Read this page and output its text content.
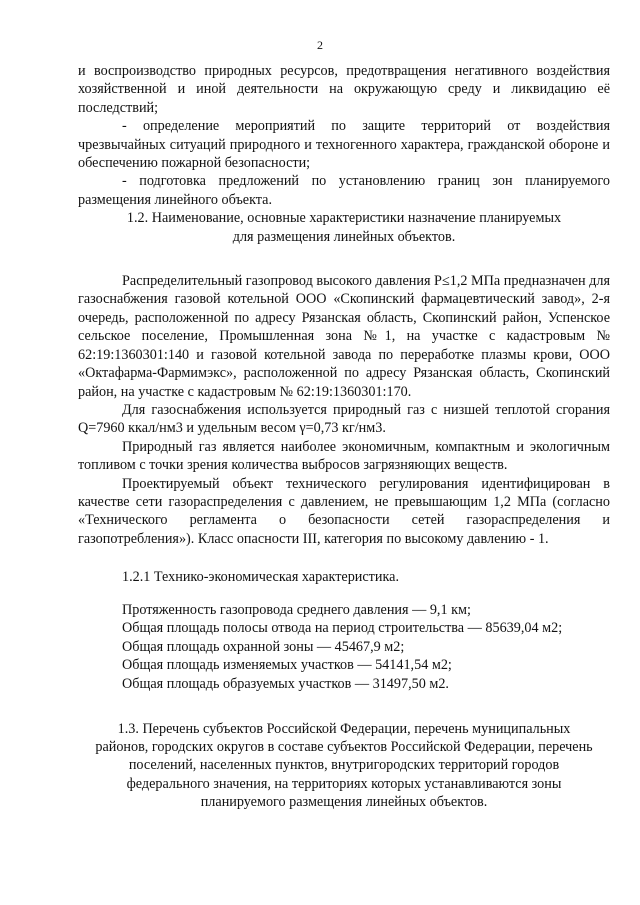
2

и воспроизводство природных ресурсов, предотвращения негативного воздействия хозяйственной и иной деятельности на окружающую среду и ликвидацию её последствий;

- определение мероприятий по защите территорий от воздействия чрезвычайных ситуаций природного и техногенного характера, гражданской обороне и обеспечению пожарной безопасности;

- подготовка предложений по установлению границ зон планируемого размещения линейного объекта.

1.2. Наименование, основные характеристики назначение планируемых
для размещения линейных объектов.

Распределительный газопровод высокого давления P≤1,2 МПа предназначен для газоснабжения газовой котельной ООО «Скопинский фармацевтический завод», 2-я очередь, расположенной по адресу Рязанская область, Скопинский район, Успенское сельское поселение, Промышленная зона №1, на участке с кадастровым № 62:19:1360301:140 и газовой котельной завода по переработке плазмы крови, ООО «Октафарма-Фармимэкс», расположенной по адресу Рязанская область, Скопинский район, на участке с кадастровым № 62:19:1360301:170.

Для газоснабжения используется природный газ с низшей теплотой сгорания Q=7960 ккал/нм3 и удельным весом γ=0,73 кг/нм3.

Природный газ является наиболее экономичным, компактным и экологичным топливом с точки зрения количества выбросов загрязняющих веществ.

Проектируемый объект технического регулирования идентифицирован в качестве сети газораспределения с давлением, не превышающим 1,2 МПа (согласно «Технического регламента о безопасности сетей газораспределения и газопотребления»). Класс опасности III, категория по высокому давлению - 1.

1.2.1 Технико-экономическая характеристика.

Протяженность газопровода среднего давления — 9,1 км;
Общая площадь полосы отвода на период строительства — 85639,04 м2;
Общая площадь охранной зоны — 45467,9 м2;
Общая площадь изменяемых участков — 54141,54 м2;
Общая площадь образуемых участков — 31497,50 м2.
1.3. Перечень субъектов Российской Федерации, перечень муниципальных
районов, городских округов в составе субъектов Российской Федерации, перечень
поселений, населенных пунктов, внутригородских территорий городов
федерального значения, на территориях которых устанавливаются зоны
планируемого размещения линейных объектов.
